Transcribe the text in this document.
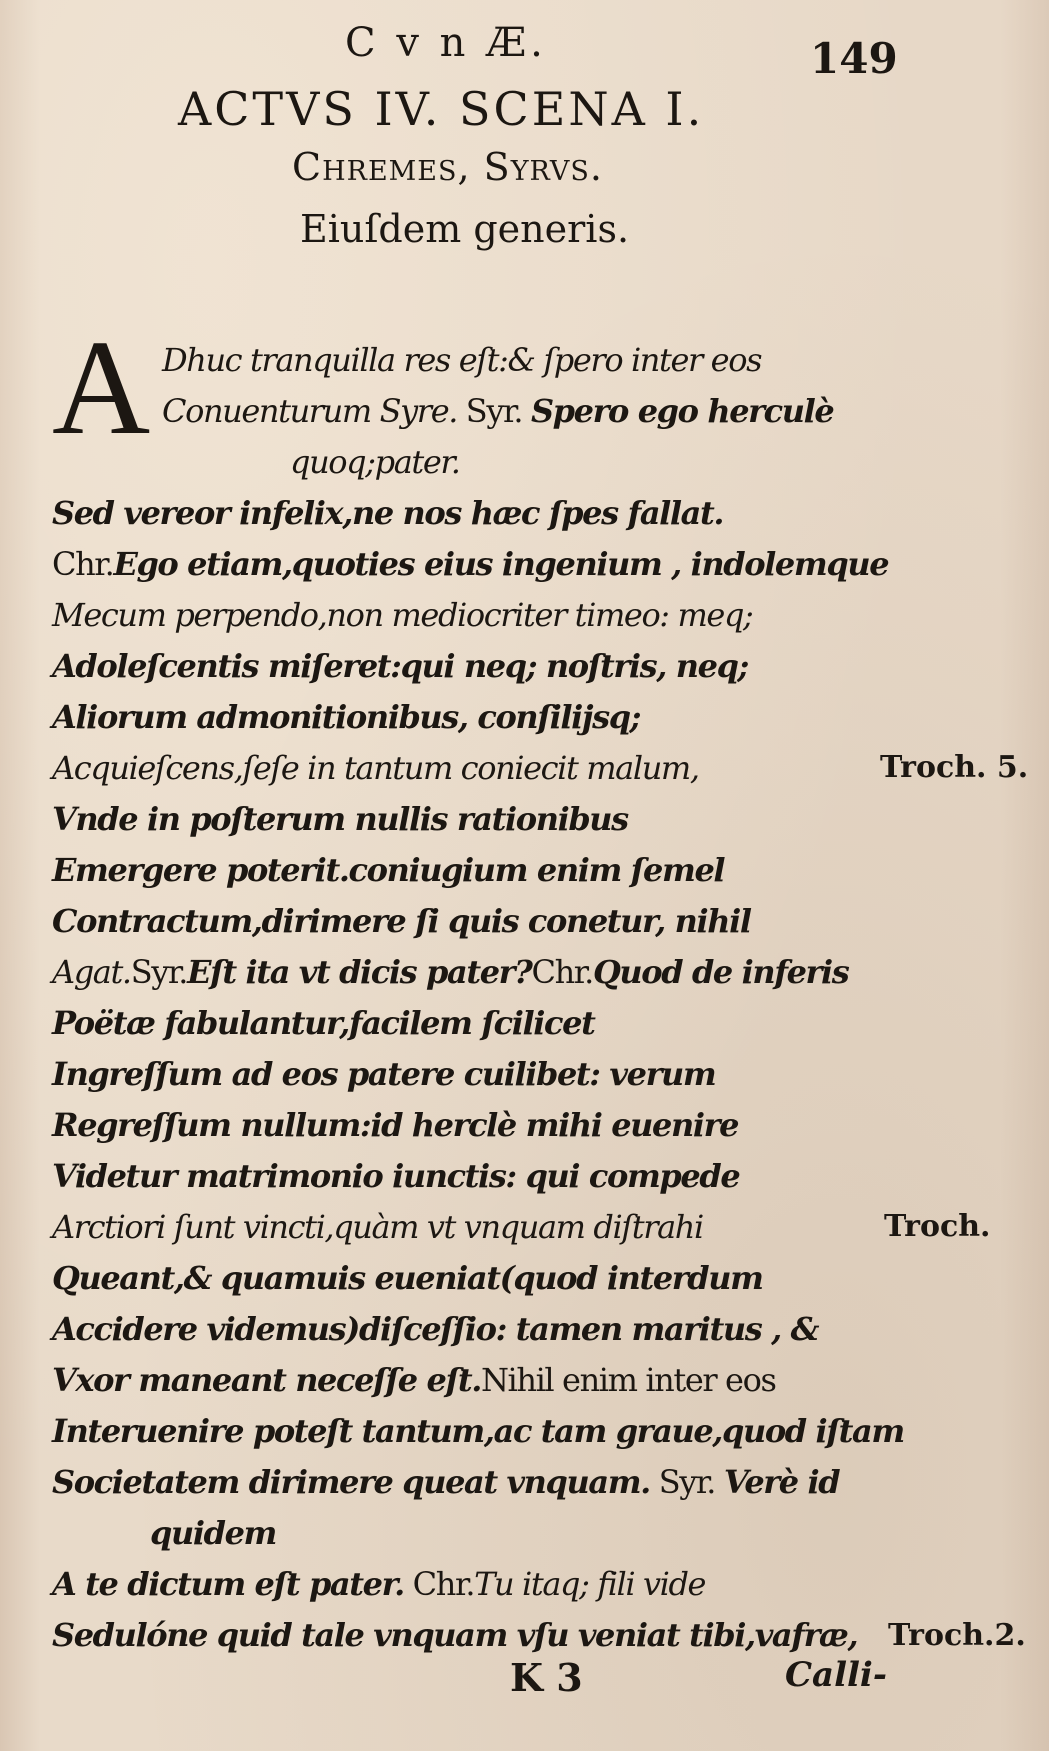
C v n Æ.	149
ACTVS IV. SCENA I.
Chremes, Syrvs.
Eiuſdem generis.
A Dhuc tranquilla res eſt:& ſpero inter eos
Conuenturum Syre. Syr. Spero ego herculè
quoq;pater.
Sed vereor infelix,ne nos hæc ſpes fallat.
Chr.Ego etiam,quoties eius ingenium , indolemque
Mecum perpendo,non mediocriter timeo: meq;
Adoleſcentis miſeret:qui neq; noſtris, neq;
Aliorum admonitionibus, conſilijsq;
Acquieſcens,ſeſe in tantum coniecit malum,
Vnde in poſterum nullis rationibus
Emergere poterit.coniugium enim ſemel
Contractum,dirimere ſi quis conetur, nihil
Agat.Syr.Eſt ita vt dicis pater?Chr.Quod de inferis
Poëtæ fabulantur,facilem ſcilicet
Ingreſſum ad eos patere cuilibet: verum
Regreſſum nullum:id herclè mihi euenire
Videtur matrimonio iunctis: qui compede
Arctiori ſunt vincti,quàm vt vnquam diſtrahi
Queant,& quamuis eueniat(quod interdum
Accidere videmus)diſceſſio: tamen maritus , &
Vxor maneant neceſſe eſt.Nihil enim inter eos
Interuenire poteſt tantum,ac tam graue,quod iſtam
Societatem dirimere queat vnquam. Syr. Verè id
quidem
A te dictum eſt pater. Chr.Tu itaq; fili vide
Sedulóne quid tale vnquam vſu veniat tibi,vafræ,
Troch. 5.
Troch.
Troch.2.
K 3	Calli-
